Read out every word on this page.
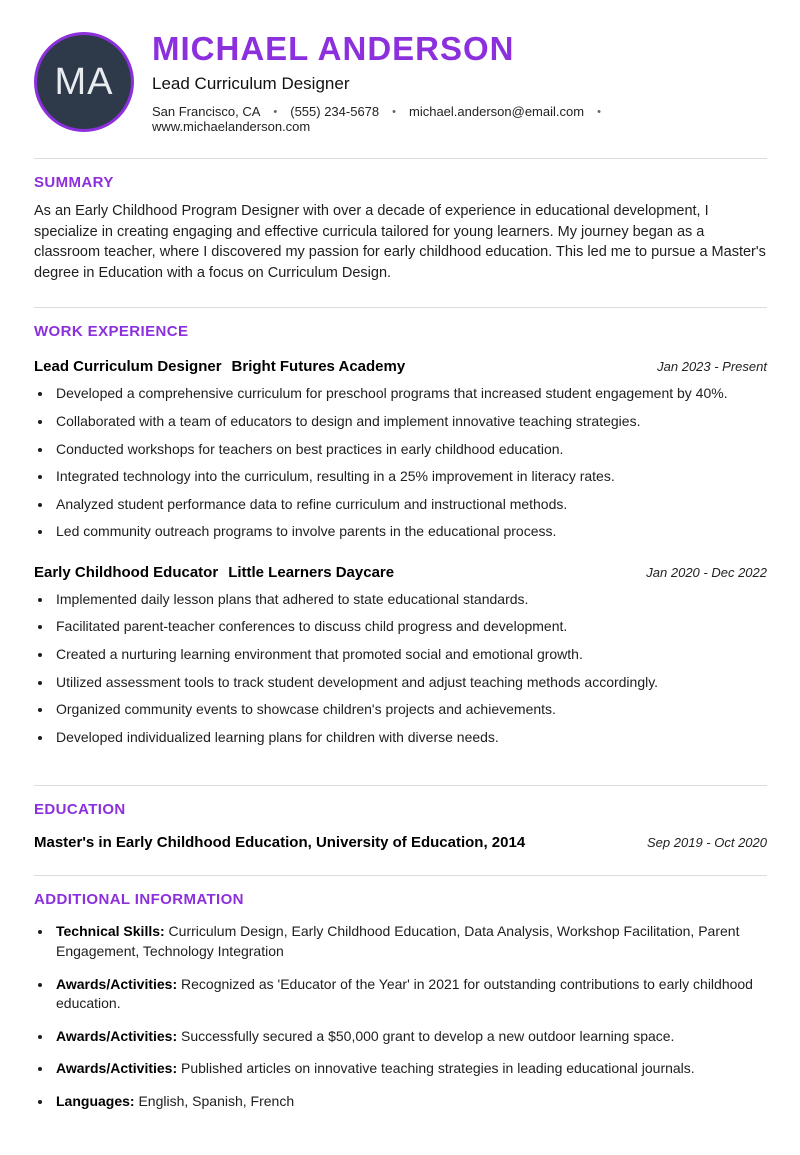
MA
MICHAEL ANDERSON
Lead Curriculum Designer
San Francisco, CA • (555) 234-5678 • michael.anderson@email.com •
www.michaelanderson.com
SUMMARY

As an Early Childhood Program Designer with over a decade of experience in educational development, I specialize in creating engaging and effective curricula tailored for young learners. My journey began as a classroom teacher, where I discovered my passion for early childhood education. This led me to pursue a Master's degree in Education with a focus on Curriculum Design.

WORK EXPERIENCE
Lead Curriculum Designer Bright Futures Academy	Jan 2023 - Present
• Developed a comprehensive curriculum for preschool programs that increased student engagement by 40%.
• Collaborated with a team of educators to design and implement innovative teaching strategies.
• Conducted workshops for teachers on best practices in early childhood education.
• Integrated technology into the curriculum, resulting in a 25% improvement in literacy rates.
• Analyzed student performance data to refine curriculum and instructional methods.
• Led community outreach programs to involve parents in the educational process.
Early Childhood Educator Little Learners Daycare	Jan 2020 - Dec 2022
• Implemented daily lesson plans that adhered to state educational standards.
• Facilitated parent-teacher conferences to discuss child progress and development.
• Created a nurturing learning environment that promoted social and emotional growth.
• Utilized assessment tools to track student development and adjust teaching methods accordingly.
• Organized community events to showcase children's projects and achievements.
• Developed individualized learning plans for children with diverse needs.
EDUCATION
Master's in Early Childhood Education, University of Education, 2014	Sep 2019 - Oct 2020
ADDITIONAL INFORMATION
• Technical Skills: Curriculum Design, Early Childhood Education, Data Analysis, Workshop Facilitation, Parent Engagement, Technology Integration
• Awards/Activities: Recognized as 'Educator of the Year' in 2021 for outstanding contributions to early childhood education.
• Awards/Activities: Successfully secured a $50,000 grant to develop a new outdoor learning space.
• Awards/Activities: Published articles on innovative teaching strategies in leading educational journals.
• Languages: English, Spanish, French
